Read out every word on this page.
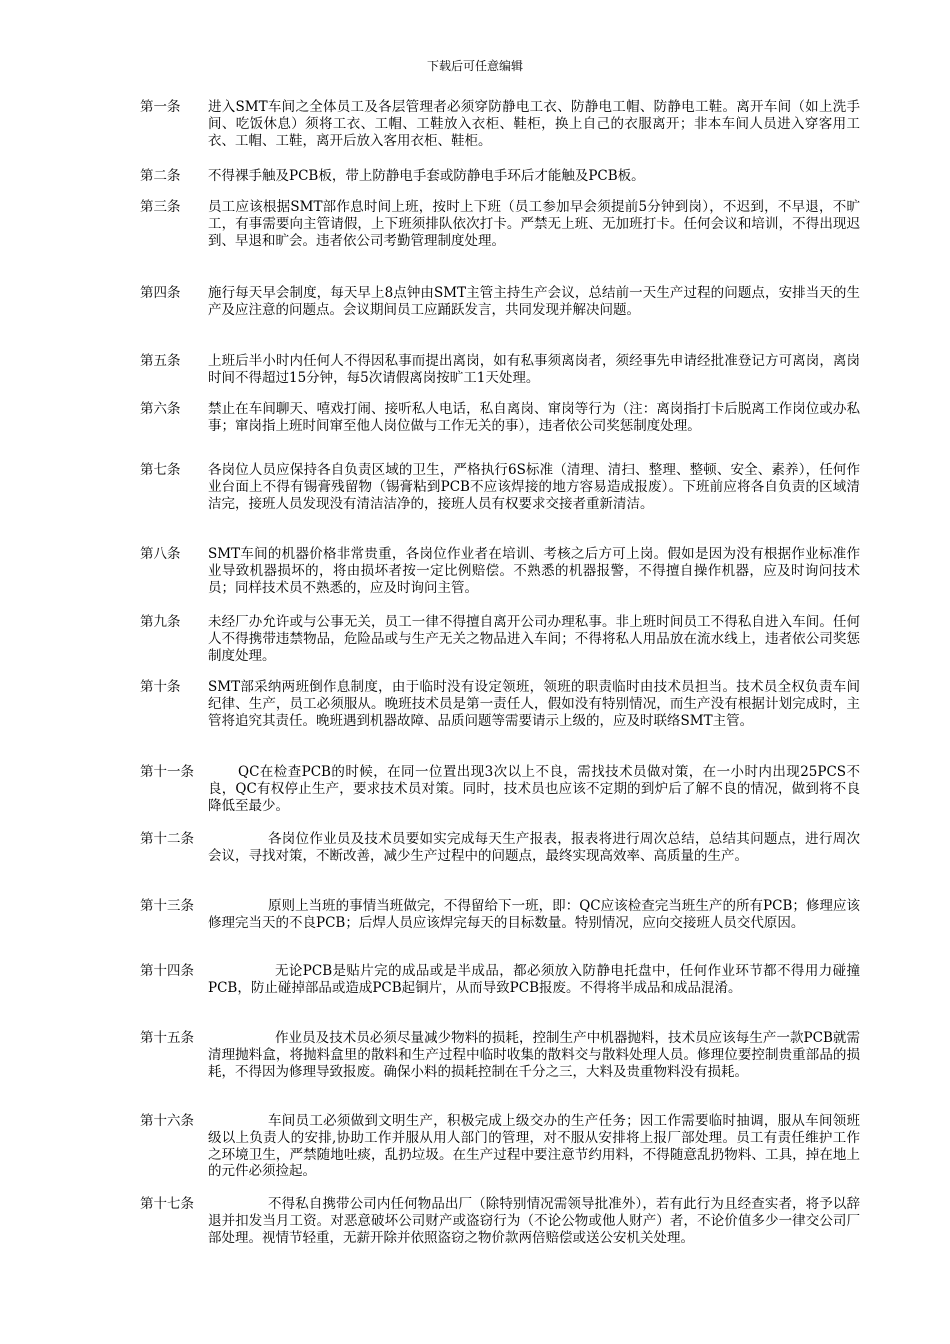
下载后可任意编辑
第一条	进入SMT车间之全体员工及各层管理者必须穿防静电工衣、防静电工帽、防静电工鞋。离开车间（如上洗手间、吃饭休息）须将工衣、工帽、工鞋放入衣柜、鞋柜，换上自己的衣服离开；非本车间人员进入穿客用工衣、工帽、工鞋，离开后放入客用衣柜、鞋柜。
第二条	不得裸手触及PCB板，带上防静电手套或防静电手环后才能触及PCB板。
第三条	员工应该根据SMT部作息时间上班，按时上下班（员工参加早会须提前5分钟到岗），不迟到，不早退，不旷工，有事需要向主管请假，上下班须排队依次打卡。严禁无上班、无加班打卡。任何会议和培训，不得出现迟到、早退和旷会。违者依公司考勤管理制度处理。
第四条	施行每天早会制度，每天早上8点钟由SMT主管主持生产会议，总结前一天生产过程的问题点，安排当天的生产及应注意的问题点。会议期间员工应踊跃发言，共同发现并解决问题。
第五条	上班后半小时内任何人不得因私事而提出离岗，如有私事须离岗者，须经事先申请经批准登记方可离岗，离岗时间不得超过15分钟，每5次请假离岗按旷工1天处理。
第六条	禁止在车间聊天、嘻戏打闹、接听私人电话，私自离岗、窜岗等行为（注：离岗指打卡后脱离工作岗位或办私事；窜岗指上班时间窜至他人岗位做与工作无关的事），违者依公司奖惩制度处理。
第七条	各岗位人员应保持各自负责区域的卫生，严格执行6S标准（清理、清扫、整理、整顿、安全、素养），任何作业台面上不得有锡膏残留物（锡膏粘到PCB不应该焊接的地方容易造成报废）。下班前应将各自负责的区域清洁完，接班人员发现没有清洁洁净的，接班人员有权要求交接者重新清洁。
第八条	SMT车间的机器价格非常贵重，各岗位作业者在培训、考核之后方可上岗。假如是因为没有根据作业标准作业导致机器损坏的，将由损坏者按一定比例赔偿。不熟悉的机器报警，不得擅自操作机器，应及时询问技术员；同样技术员不熟悉的，应及时询问主管。
第九条	未经厂办允许或与公事无关，员工一律不得擅自离开公司办理私事。非上班时间员工不得私自进入车间。任何人不得携带违禁物品，危险品或与生产无关之物品进入车间；不得将私人用品放在流水线上，违者依公司奖惩制度处理。
第十条	SMT部采纳两班倒作息制度，由于临时没有设定领班，领班的职责临时由技术员担当。技术员全权负责车间纪律、生产，员工必须服从。晚班技术员是第一责任人，假如没有特别情况，而生产没有根据计划完成时，主管将追究其责任。晚班遇到机器故障、品质问题等需要请示上级的，应及时联络SMT主管。
第十一条	QC在检查PCB的时候，在同一位置出现3次以上不良，需找技术员做对策，在一小时内出现25PCS不良，QC有权停止生产，要求技术员对策。同时，技术员也应该不定期的到炉后了解不良的情况，做到将不良降低至最少。
第十二条	各岗位作业员及技术员要如实完成每天生产报表，报表将进行周次总结，总结其问题点，进行周次会议，寻找对策，不断改善，减少生产过程中的问题点，最终实现高效率、高质量的生产。
第十三条	原则上当班的事情当班做完，不得留给下一班，即：QC应该检查完当班生产的所有PCB；修理应该修理完当天的不良PCB；后焊人员应该焊完每天的目标数量。特别情况，应向交接班人员交代原因。
第十四条	无论PCB是贴片完的成品或是半成品，都必须放入防静电托盘中，任何作业环节都不得用力碰撞PCB，防止碰掉部品或造成PCB起铜片，从而导致PCB报废。不得将半成品和成品混淆。
第十五条	作业员及技术员必须尽量减少物料的损耗，控制生产中机器抛料，技术员应该每生产一款PCB就需清理抛料盒，将抛料盒里的散料和生产过程中临时收集的散料交与散料处理人员。修理位要控制贵重部品的损耗，不得因为修理导致报废。确保小料的损耗控制在千分之三，大料及贵重物料没有损耗。
第十六条	车间员工必须做到文明生产，积极完成上级交办的生产任务；因工作需要临时抽调，服从车间领班级以上负责人的安排,协助工作并服从用人部门的管理，对不服从安排将上报厂部处理。员工有责任维护工作之环境卫生，严禁随地吐痰，乱扔垃圾。在生产过程中要注意节约用料，不得随意乱扔物料、工具，掉在地上的元件必须捡起。
第十七条	不得私自携带公司内任何物品出厂（除特别情况需领导批准外），若有此行为且经查实者，将予以辞退并扣发当月工资。对恶意破坏公司财产或盗窃行为（不论公物或他人财产）者，不论价值多少一律交公司厂部处理。视情节轻重，无薪开除并依照盗窃之物价款两倍赔偿或送公安机关处理。
